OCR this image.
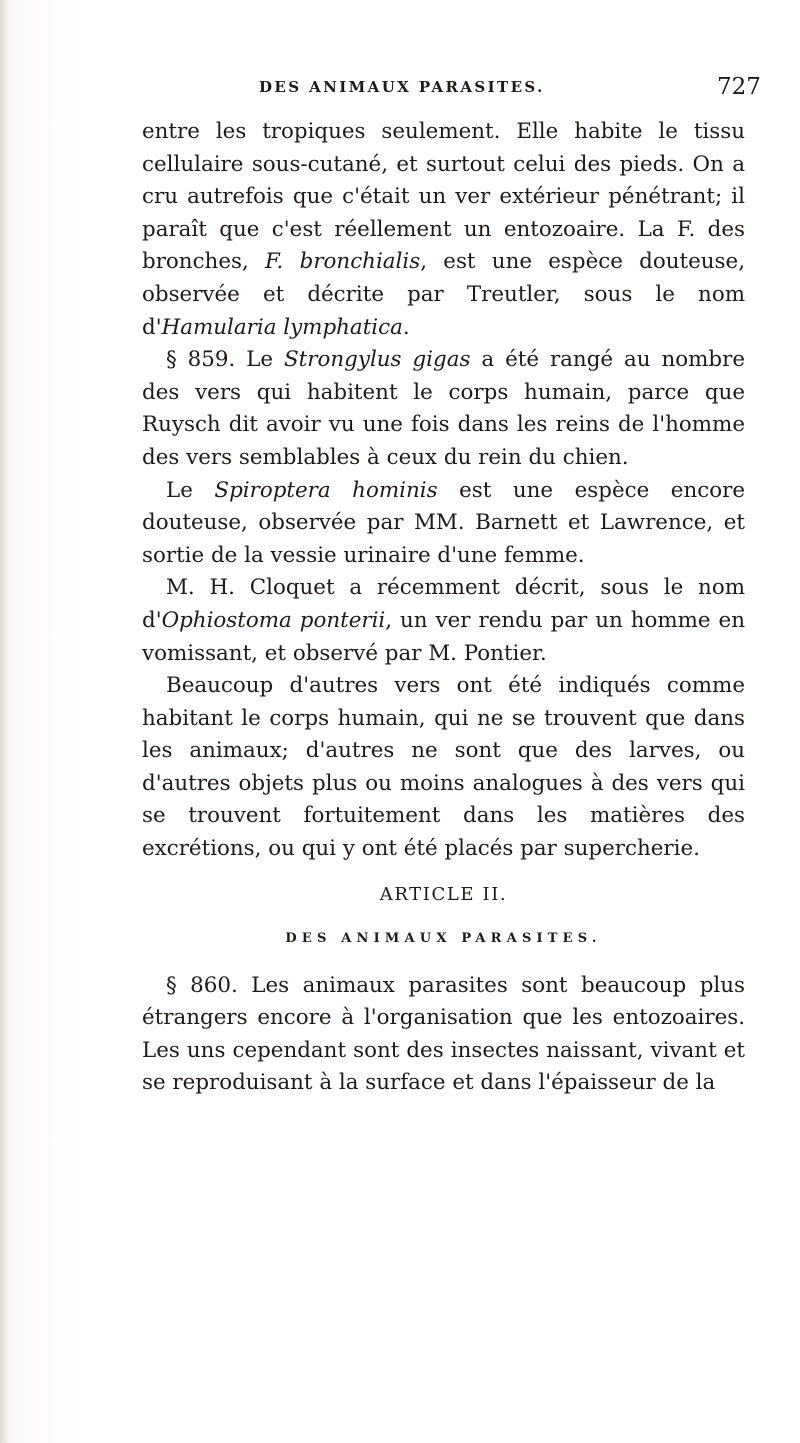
DES ANIMAUX PARASITES.	727

entre les tropiques seulement. Elle habite le tissu cellulaire sous-cutané, et surtout celui des pieds. On a cru autrefois que c'était un ver extérieur pénétrant; il paraît que c'est réellement un entozoaire. La F. des bronches, F. bronchialis, est une espèce douteuse, observée et décrite par Treutler, sous le nom d'Hamularia lymphatica.

§ 859. Le Strongylus gigas a été rangé au nombre des vers qui habitent le corps humain, parce que Ruysch dit avoir vu une fois dans les reins de l'homme des vers semblables à ceux du rein du chien.

Le Spiroptera hominis est une espèce encore douteuse, observée par MM. Barnett et Lawrence, et sortie de la vessie urinaire d'une femme.

M. H. Cloquet a récemment décrit, sous le nom d'Ophiostoma ponterii, un ver rendu par un homme en vomissant, et observé par M. Pontier.

Beaucoup d'autres vers ont été indiqués comme habitant le corps humain, qui ne se trouvent que dans les animaux; d'autres ne sont que des larves, ou d'autres objets plus ou moins analogues à des vers qui se trouvent fortuitement dans les matières des excrétions, ou qui y ont été placés par supercherie.

ARTICLE II.
DES ANIMAUX PARASITES.

§ 860. Les animaux parasites sont beaucoup plus étrangers encore à l'organisation que les entozoaires. Les uns cependant sont des insectes naissant, vivant et se reproduisant à la surface et dans l'épaisseur de la
